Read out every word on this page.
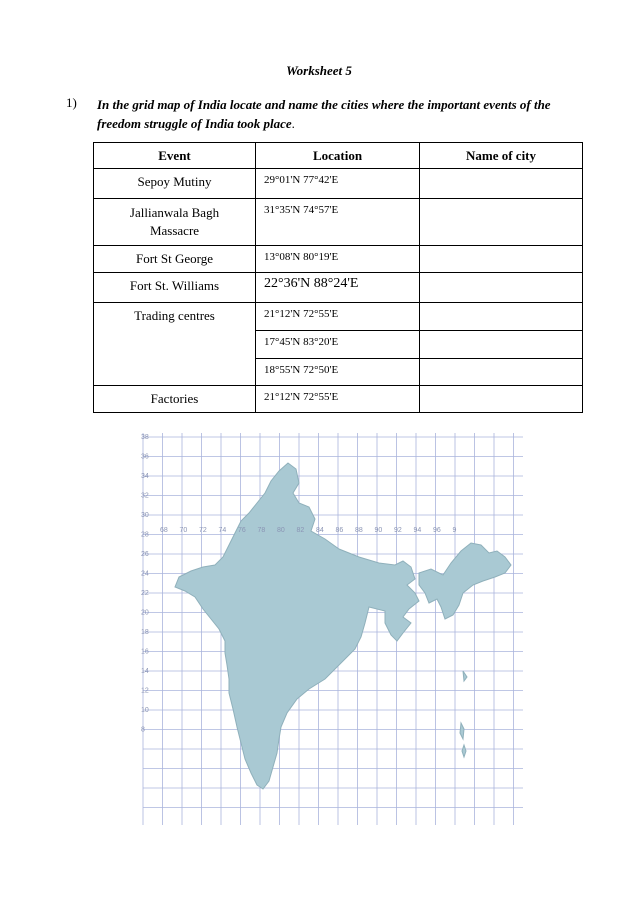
Worksheet 5
1) In the grid map of India locate and name the cities where the important events of the freedom struggle of India took place.
Event	Location	Name of city
Sepoy Mutiny	29°01'N 77°42'E	
Jallianwala Bagh Massacre	31°35'N 74°57'E	
Fort St George	13°08'N 80°19'E	
Fort St. Williams	22°36'N 88°24'E	
Trading centres	21°12'N 72°55'E	
	17°45'N 83°20'E	
	18°55'N 72°50'E	
Factories	21°12'N 72°55'E	
38
36
34
32
30
28
26
24
22
20
18
16
14
12
10
8
68 70 72 74 76 78 80 82 84 86 88 90 92 94 96 9
